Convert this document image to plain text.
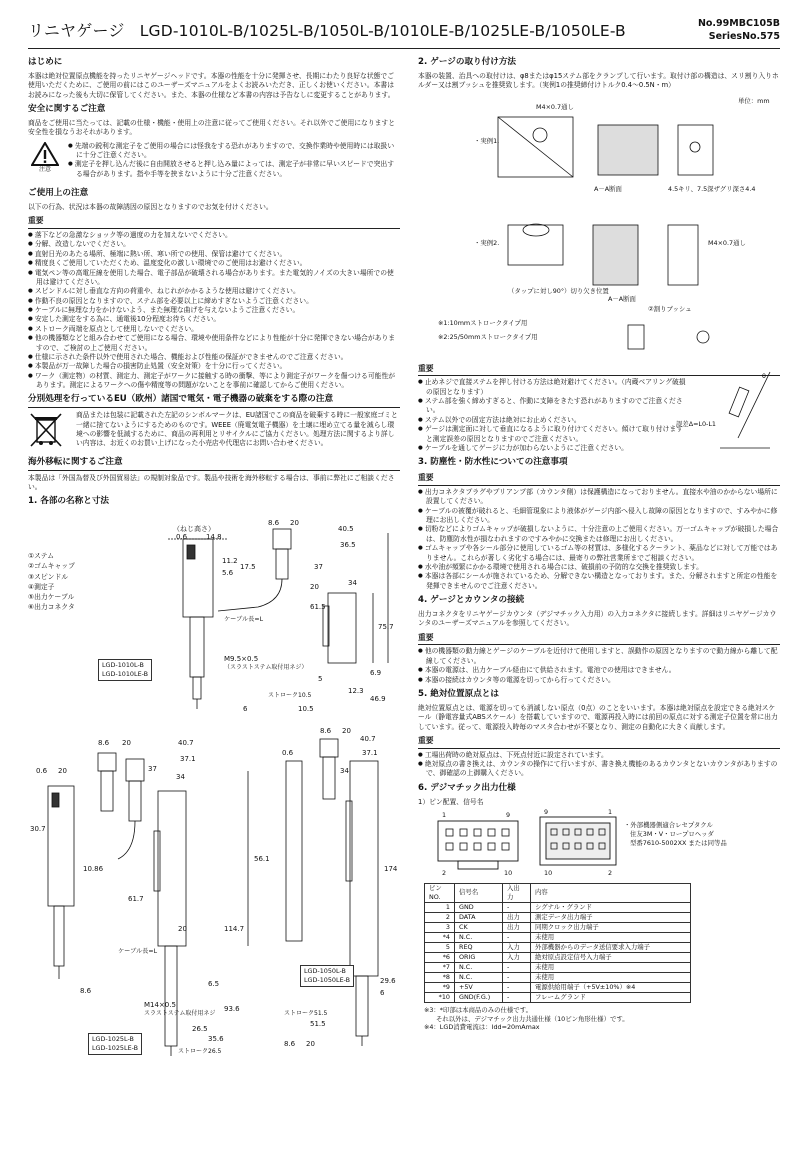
リニヤゲージ LGD-1010L-B/1025L-B/1050L-B/1010LE-B/1025LE-B/1050LE-B	No.99MBC105B
SeriesNo.575
はじめに

本器は絶対位置原点機能を持ったリニヤゲージヘッドです。本器の性能を十分に発揮させ、長期にわたり良好な状態でご使用いただくために、ご使用の前にはこのユーザーズマニュアルをよくお読みいただき、正しくお使いください。本書はお読みになった後も大切に保管してください。また、本器の仕様など本書の内容は予告なしに変更することがあります。

安全に関するご注意

商品をご使用に当たっては、記載の仕様・機能・使用上の注意に従ってご使用ください。それ以外でご使用になりますと安全性を損なうおそれがあります。

注意
● 先端の鋭利な測定子をご使用の場合には怪我をする恐れがありますので、交換作業時や使用時には取扱いに十分ご注意ください。
● 測定子を押し込んだ後に自由開放させると押し込み量によっては、測定子が非常に早いスピードで突出する場合があります。指や手等を挟まないように十分ご注意ください。
ご使用上の注意

以下の行為、状況は本器の故障誘因の原因となりますのでお気を付けください。

重要
● 落下などの急激なショック等の過度の力を加えないでください。
● 分解、改造しないでください。
● 直射日光のあたる場所、極端に熱い所、寒い所での使用、保管は避けてください。
● 精度良くご使用していただくため、温度変化の激しい環境でのご使用はお避けください。
● 電気ペン等の高電圧線を使用した場合、電子部品が破壊される場合があります。また電気的ノイズの大きい場所での使用は避けてください。
● スピンドルに対し垂直な方向の荷重や、ねじれがかかるような使用は避けてください。
● 作動不良の原因となりますので、ステム部を必要以上に締めすぎないようご注意ください。
● ケーブルに無理な力をかけないよう、また無理な曲げを与えないようご注意ください。
● 安定した測定をする為に、通電後10分程度お待ちください。
● ストローク両端を原点として使用しないでください。
● 他の機器類などと組み合わせてご使用になる場合、環境や使用条件などにより性能が十分に発揮できない場合がありますので、ご検討の上ご使用ください。
● 仕様に示された条件以外で使用された場合、機能および性能の保証ができませんのでご注意ください。
● 本製品が万一故障した場合の損害防止処置（安全対策）を十分に行ってください。
● ワーク（測定物）の材質、測定力、測定子がワークに接触する時の衝撃、等により測定子がワークを傷つける可能性があります。測定によるワークへの傷や精度等の問題がないことを事前に確認してからご使用ください。
分別処理を行っているEU（欧州）諸国で電気・電子機器の破棄をする際の注意

商品または包装に記載された左記のシンボルマークは、EU諸国でこの商品を破棄する時に一般家庭ゴミと一緒に捨てないようにするためのものです。WEEE（廃電気電子機器）を土壌に埋め立てる量を減らし環境への影響を低減するために、商品の再利用とリサイクルにご協力ください。処理方法に関するより詳しい内容は、お近くのお買い上げになった小売店や代理店にお問い合わせください。

海外移転に関するご注意

本製品は「外国為替及び外国貿易法」の規制対象品です。製品や技術を海外移転する場合は、事前に弊社にご相談ください。

1. 各部の名称と寸法
①ステム
②ゴムキャップ
③スピンドル
④測定子
⑤出力ケーブル
⑥出力コネクタ
（ねじ高さ）
0.6	14.8
8.6 20
40.5
36.5
11.2
5.6
17.5	37
20
61.5
75.7
34
12.3
6
46.9
6.9
10.5
5
ケーブル長=L
M9.5×0.5
（スラストステム取付用ネジ）
ストローク10.5
LGD-1010L-B
LGD-1010LE-B
8.6 20	40.7
37.1
34
0.6 20
30.7
56.1
37
10.86
61.7
114.7
6.5
93.6
26.5
35.6
8.6
20
ケーブル長=L
M14×0.5
スラストステム取付用ネジ
ストローク26.5
LGD-1025L-B
LGD-1025LE-B
8.6 20
40.7
37.1
34
0.6
174
29.6
6
51.5
8.6 20
ストローク51.5
LGD-1050L-B
LGD-1050LE-B
2. ゲージの取り付け方法

本器の装置、治具への取付けは、φ8またはφ15ステム部をクランプして行います。取付け部の構造は、スリ割り入りホルダー又は割ブッシュを推奨致します。（実例1の推奨締付けトルク0.4〜0.5N・m）

単位：mm
・実例1.
・実例2.
A－A断面	4.5キリ、7.5深ザグリ深さ4.4
M4×0.7通し
M4×0.7通し
（タップに対し90°）切り欠き位置
A－A断面
②割りブッシュ
※1:10mmストロークタイプ用
※2:25/50mmストロークタイプ用
重要
● 止めネジで直接ステムを押し付ける方法は絶対避けてください。（内蔵ベアリング破損の原因となります）
● ステム部を強く締めすぎると、作動に支障をきたす恐れがありますのでご注意ください。
● ステム以外での固定方法は絶対にお止めください。
● ゲージは測定面に対して垂直になるように取り付けてください。傾けて取り付けますと測定誤差の原因となりますのでご注意ください。
● ケーブルを通してゲージに力が加わらないようにご注意ください。
θ
誤差Δ=L0-L1
3. 防塵性・防水性についての注意事項
重要
● 出力コネクタプラグやプリアンプ部（カウンタ側）は保護構造になっておりません。直接水や油のかからない場所に設置してください。
● ケーブルの被覆が破れると、毛細管現象により液体がゲージ内部へ侵入し故障の原因となりますので、すみやかに修理にお出しください。
● 切粉などによりゴムキャップが破損しないように、十分注意の上ご使用ください。万一ゴムキャップが破損した場合は、防塵防水性が損なわれますのですみやかに交換または修理にお出しください。
● ゴムキャップや各シール部分に使用しているゴム等の材質は、多様化するクーラント、薬品などに対して万能ではありません。これらが著しく劣化する場合には、最寄りの弊社営業所までご相談ください。
● 水や油が頻繁にかかる環境で使用される場合には、破損前の予防的な交換を推奨致します。
● 本器は各部にシールが施されているため、分解できない構造となっております。また、分解されますと所定の性能を発揮できませんのでご注意ください。
4. ゲージとカウンタの接続

出力コネクタをリニヤゲージカウンタ（デジマチック入力用）の入力コネクタに接続します。詳細はリニヤゲージカウンタのユーザーズマニュアルを参照してください。

重要
● 他の機器類の動力線とゲージのケーブルを近付けて使用しますと、誤動作の原因となりますので動力線から離して配線してください。
● 本器の電源は、出力ケーブル経由にて供給されます。電池での使用はできません。
● 本器の接続はカウンタ等の電源を切ってから行ってください。
5. 絶対位置原点とは

絶対位置原点とは、電源を切っても消滅しない原点（0点）のことをいいます。本器は絶対原点を設定できる絶対スケール（静電容量式ABSスケール）を搭載していますので、電源再投入時には前回の原点に対する測定子位置を常に出力しています。従って、電源投入時毎のマスタ合わせが不要となり、測定の自動化に大きく貢献します。

重要
● 工場出荷時の絶対原点は、下死点付近に設定されています。
● 絶対原点の書き換えは、カウンタの操作にて行いますが、書き換え機能のあるカウンタとないカウンタがありますので、御確認の上御購入ください。
6. デジマチック出力仕様
1）ピン配置、信号名
1	9
2	10
9	1
10	2
・外部機器側適合レセプタクル
住友3M・V・ロープロヘッダ
型番7610-5002XX または同等品
ピンNO.	信号名	入出力	内容
1	GND	-	シグナル・グランド
2	DATA	出力	測定データ出力端子
3	CK	出力	同期クロック出力端子
*4	N.C.	-	未使用
5	REQ	入力	外部機器からのデータ送信要求入力端子
*6	ORIG	入力	絶対原点設定信号入力端子
*7	N.C.	-	未使用
*8	N.C.	-	未使用
*9	+5V	-	電源供給用端子（+5V±10%）※4
*10	GND(F.G.)	-	フレームグランド
※3：*印部は本商品のみの仕様です。
それ以外は、デジマチック出力共通仕様（10ピン角形仕様）です。
※4：LGD消費電流は：Idd=20mAmax
